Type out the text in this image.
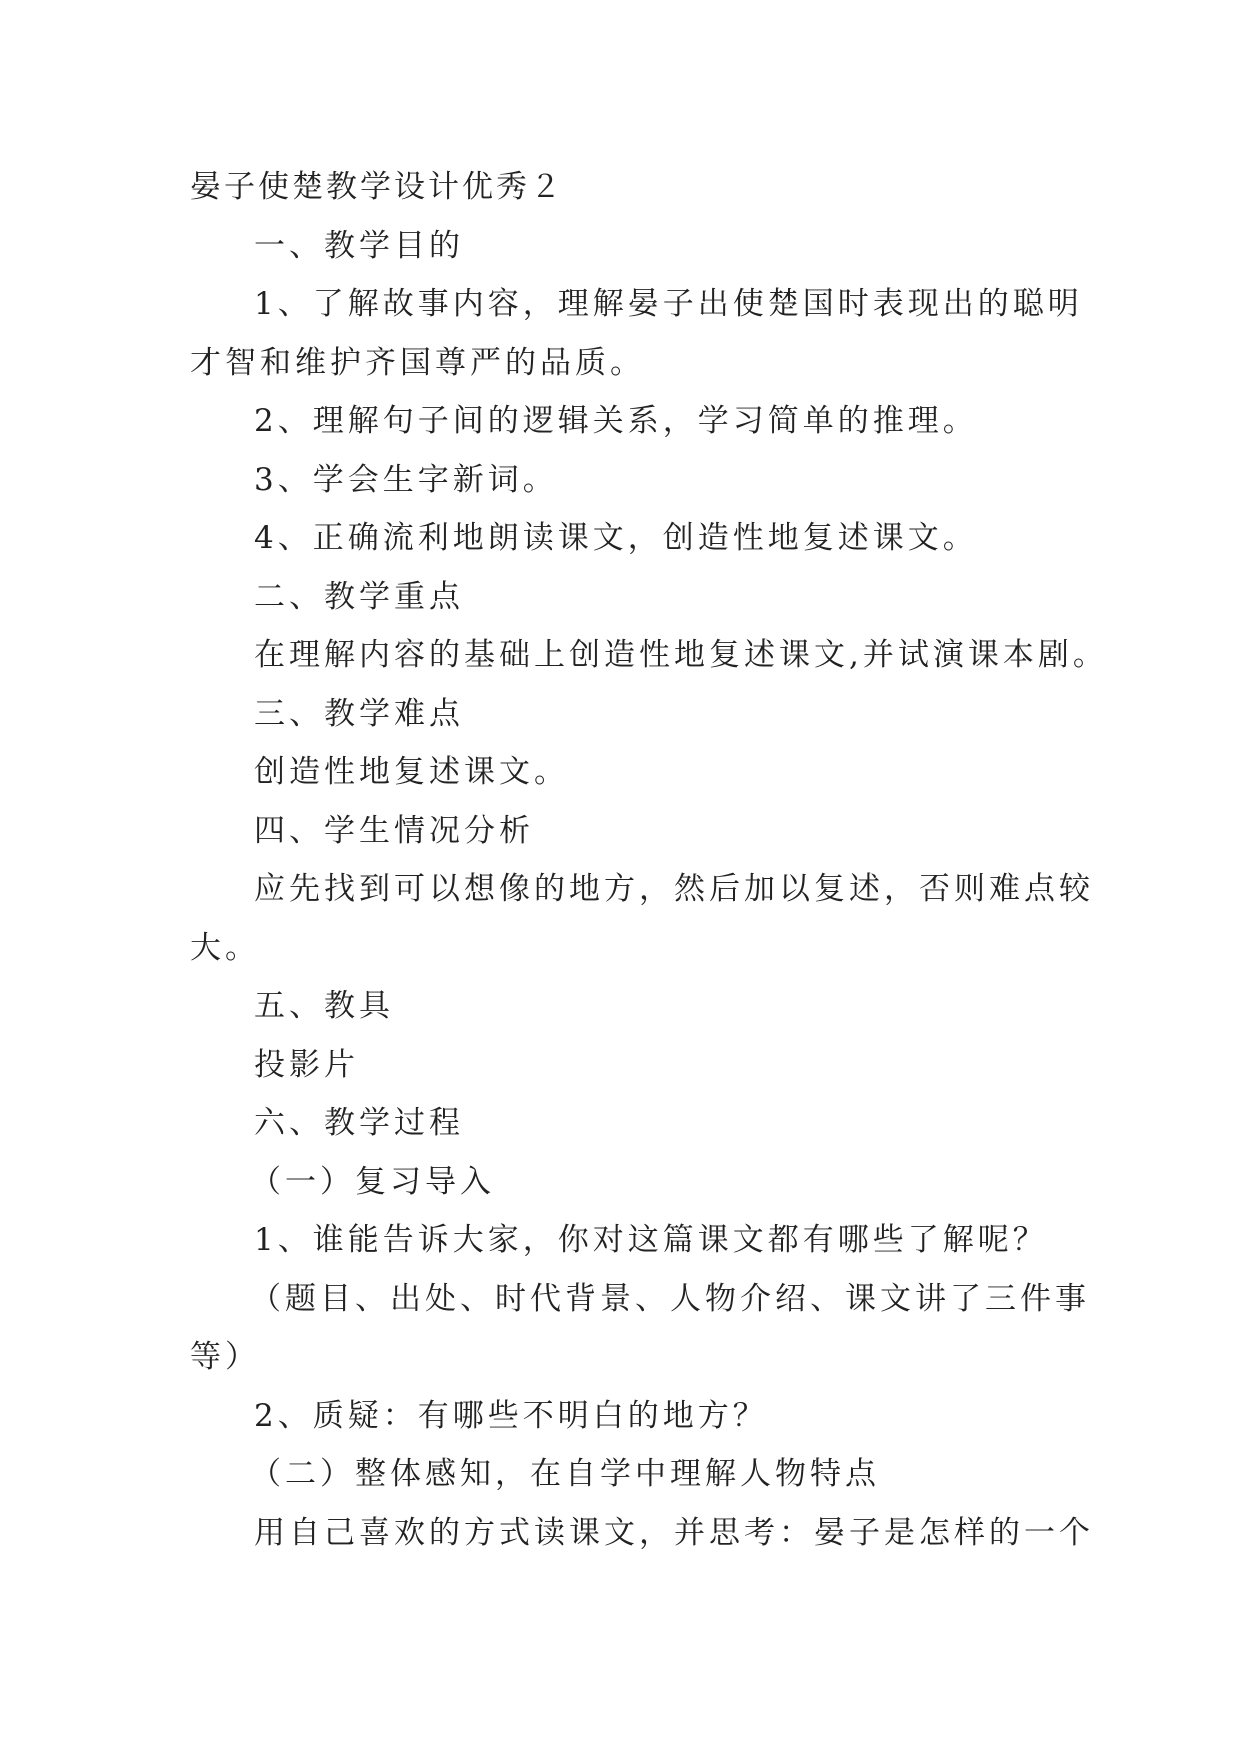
晏子使楚教学设计优秀２

一、教学目的

1、了解故事内容，理解晏子出使楚国时表现出的聪明

才智和维护齐国尊严的品质。

2、理解句子间的逻辑关系，学习简单的推理。

3、学会生字新词。

4、正确流利地朗读课文，创造性地复述课文。

二、教学重点

在理解内容的基础上创造性地复述课文,并试演课本剧。

三、教学难点

创造性地复述课文。

四、学生情况分析

应先找到可以想像的地方，然后加以复述，否则难点较

大。

五、教具

投影片

六、教学过程

（一）复习导入

1、谁能告诉大家，你对这篇课文都有哪些了解呢？

（题目、出处、时代背景、人物介绍、课文讲了三件事

等）

2、质疑：有哪些不明白的地方？

（二）整体感知，在自学中理解人物特点

用自己喜欢的方式读课文，并思考：晏子是怎样的一个
